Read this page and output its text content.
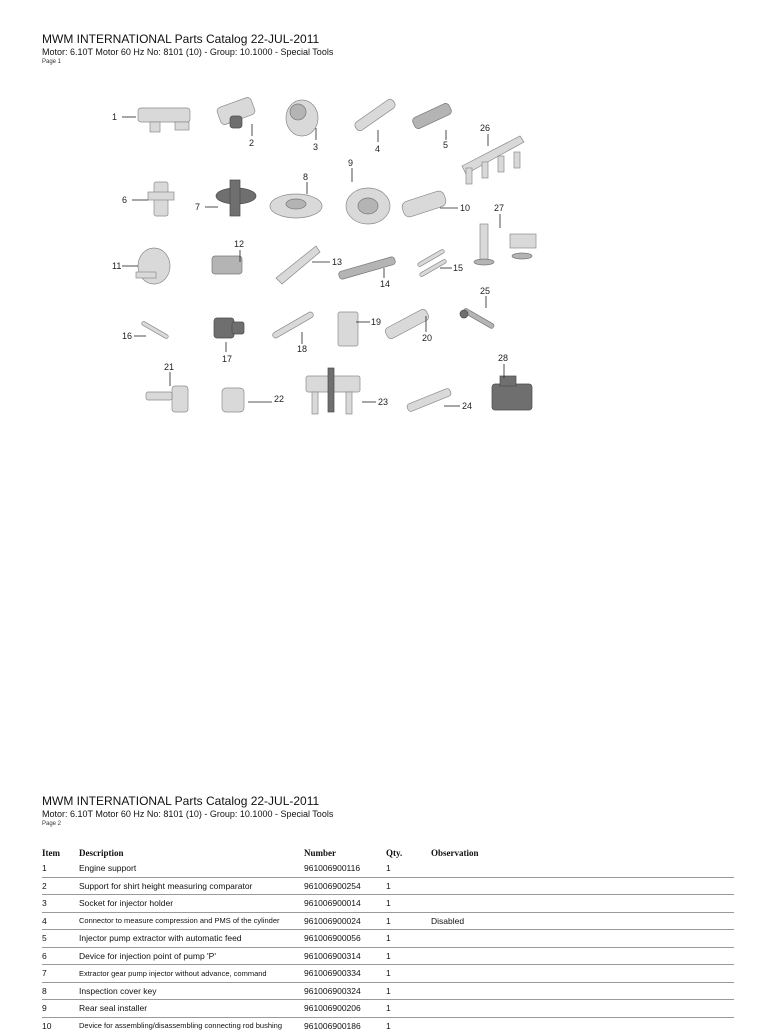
MWM INTERNATIONAL Parts Catalog 22-JUL-2011
Motor: 6.10T Motor 60 Hz No: 8101 (10) - Group: 10.1000 - Special Tools
Page 1
1
2	3	4	5
26
6
7
8
9
10	27
11
12
13
14
15
16
17
18
19
20
25
21
22	23	24
28
MWM INTERNATIONAL Parts Catalog 22-JUL-2011
Motor: 6.10T Motor 60 Hz No: 8101 (10) - Group: 10.1000 - Special Tools
Page 2
Item	Description	Number	Qty.	Observation
1	Engine support	961006900116	1	
2	Support for shirt height measuring comparator	961006900254	1	
3	Socket for injector holder	961006900014	1	
4	Connector to measure compression and PMS of the cylinder	961006900024	1	Disabled
5	Injector pump extractor with automatic feed	961006900056	1	
6	Device for injection point of pump 'P'	961006900314	1	
7	Extractor gear pump injector without advance, command	961006900334	1	
8	Inspection cover key	961006900324	1	
9	Rear seal installer	961006900206	1	
10	Device for assembling/disassembling connecting rod bushing	961006900186	1	
